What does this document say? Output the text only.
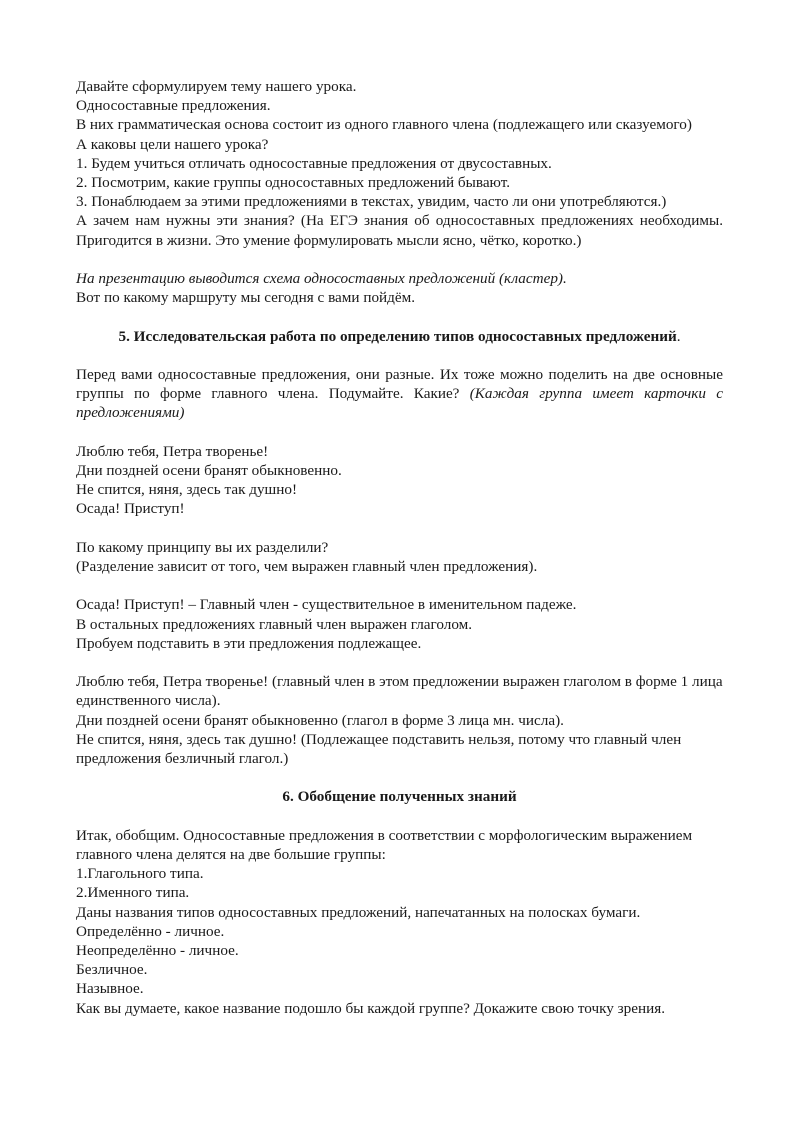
Давайте сформулируем тему нашего урока.

Односоставные предложения.

В них грамматическая основа состоит из одного главного члена (подлежащего или сказуемого)

А каковы цели нашего урока?

1. Будем учиться отличать односоставные предложения от двусоставных.

2. Посмотрим, какие группы односоставных предложений бывают.

3. Понаблюдаем за этими предложениями в текстах, увидим, часто ли они употребляются.)

А зачем нам нужны эти знания? (На ЕГЭ знания об односоставных предложениях необходимы. Пригодится в жизни. Это умение формулировать мысли ясно, чётко, коротко.)

На презентацию выводится схема односоставных предложений (кластер).

Вот по какому маршруту мы сегодня с вами пойдём.

5. Исследовательская работа по определению типов односоставных предложений.

Перед вами односоставные предложения, они разные. Их тоже можно поделить на две основные группы по форме главного члена. Подумайте. Какие? (Каждая группа имеет карточки с предложениями)

Люблю тебя, Петра творенье!

Дни поздней осени бранят обыкновенно.

Не спится, няня, здесь так душно!

Осада! Приступ!

По какому принципу вы их разделили?

(Разделение зависит от того, чем выражен главный член предложения).

Осада! Приступ! – Главный член - существительное в именительном падеже.

В остальных предложениях главный член выражен глаголом.

Пробуем подставить в эти предложения подлежащее.

Люблю тебя, Петра творенье! (главный член в этом предложении выражен глаголом в форме 1 лица единственного числа).

Дни поздней осени бранят обыкновенно (глагол в форме 3 лица мн. числа).

Не спится, няня, здесь так душно! (Подлежащее подставить нельзя, потому что главный член предложения безличный глагол.)

6. Обобщение полученных знаний

Итак, обобщим. Односоставные предложения в соответствии с морфологическим выражением главного члена делятся на две большие группы:

1.Глагольного типа.

2.Именного типа.

Даны названия типов односоставных предложений, напечатанных на полосках бумаги.

Определённо - личное.

Неопределённо - личное.

Безличное.

Назывное.

Как вы думаете, какое название подошло бы каждой группе? Докажите свою точку зрения.
